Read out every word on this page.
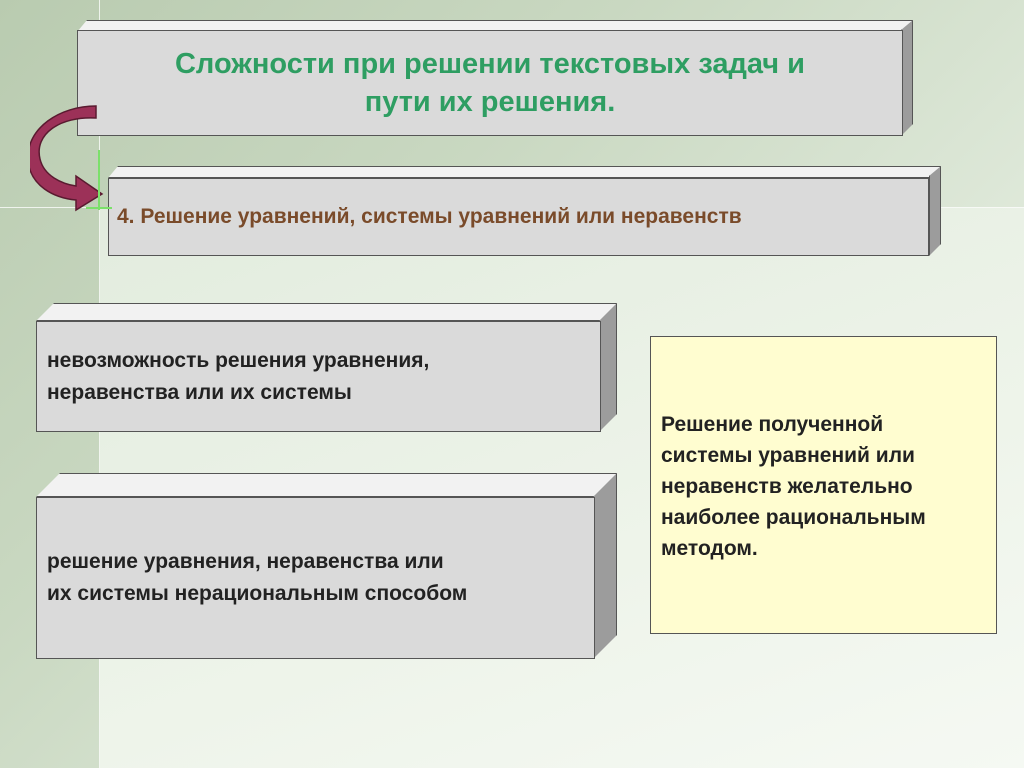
Сложности при решении текстовых задач и
пути их решения.
4. Решение уравнений, системы уравнений или неравенств
невозможность решения уравнения,
неравенства или их системы
решение уравнения, неравенства или
их системы нерациональным способом
Решение полученной
системы уравнений или
неравенств желательно
наиболее рациональным
методом.
